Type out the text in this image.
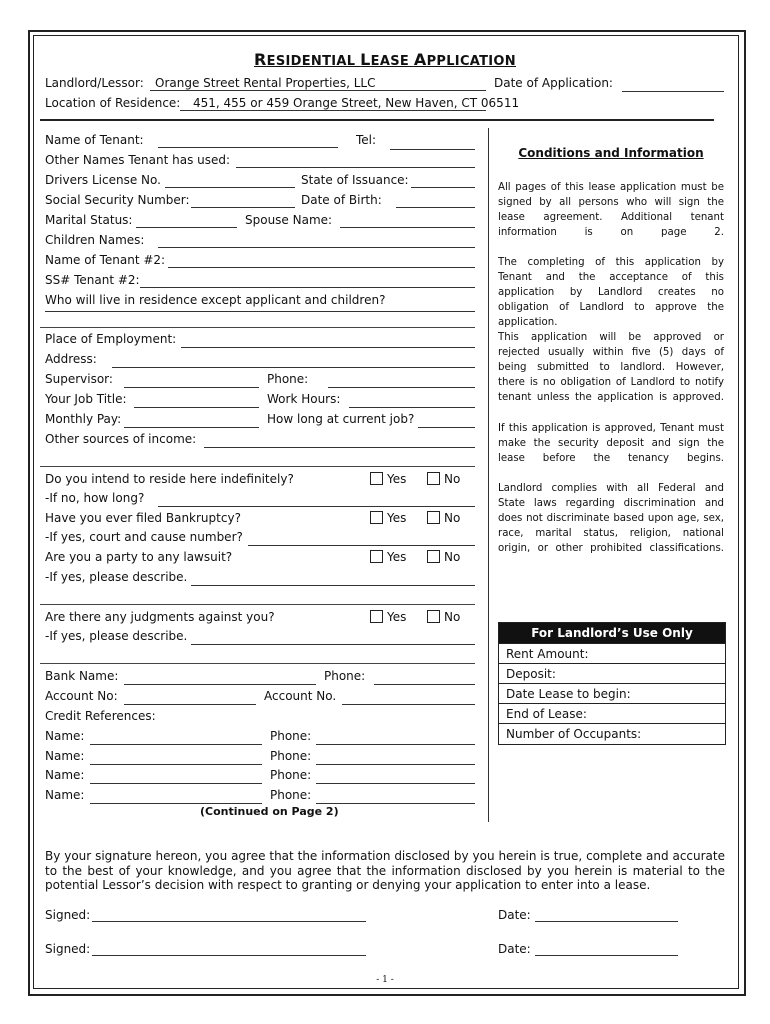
RESIDENTIAL LEASE APPLICATION
Landlord/Lessor: Orange Street Rental Properties, LLC	Date of Application:
Location of Residence: 451, 455 or 459 Orange Street, New Haven, CT 06511
Name of Tenant:	Tel:
Other Names Tenant has used:
Drivers License No.	State of Issuance:
Social Security Number:	Date of Birth:
Marital Status:	Spouse Name:
Children Names:
Name of Tenant #2:
SS# Tenant #2:
Who will live in residence except applicant and children?
Place of Employment:
Address:
Supervisor:	Phone:
Your Job Title:	Work Hours:
Monthly Pay:	How long at current job?
Other sources of income:
Do you intend to reside here indefinitely?	Yes	No
-If no, how long?
Have you ever filed Bankruptcy?	Yes	No
-If yes, court and cause number?
Are you a party to any lawsuit?	Yes	No
-If yes, please describe.
Are there any judgments against you?	Yes	No
-If yes, please describe.
Bank Name:	Phone:
Account No:	Account No.
Credit References:
Name:	Phone:
Name:	Phone:
Name:	Phone:
Name:	Phone:
(Continued on Page 2)
Conditions and Information
All pages of this lease application must be signed by all persons who will sign the lease agreement. Additional tenant information is on page 2.
The completing of this application by Tenant and the acceptance of this application by Landlord creates no obligation of Landlord to approve the application.
This application will be approved or rejected usually within five (5) days of being submitted to landlord. However, there is no obligation of Landlord to notify tenant unless the application is approved.
If this application is approved, Tenant must make the security deposit and sign the lease before the tenancy begins.
Landlord complies with all Federal and State laws regarding discrimination and does not discriminate based upon age, sex, race, marital status, religion, national origin, or other prohibited classifications.
For Landlord’s Use Only
Rent Amount:
Deposit:
Date Lease to begin:
End of Lease:
Number of Occupants:
By your signature hereon, you agree that the information disclosed by you herein is true, complete and accurate to the best of your knowledge, and you agree that the information disclosed by you herein is material to the potential Lessor’s decision with respect to granting or denying your application to enter into a lease.
Signed:	Date:
Signed:	Date:
- 1 -
